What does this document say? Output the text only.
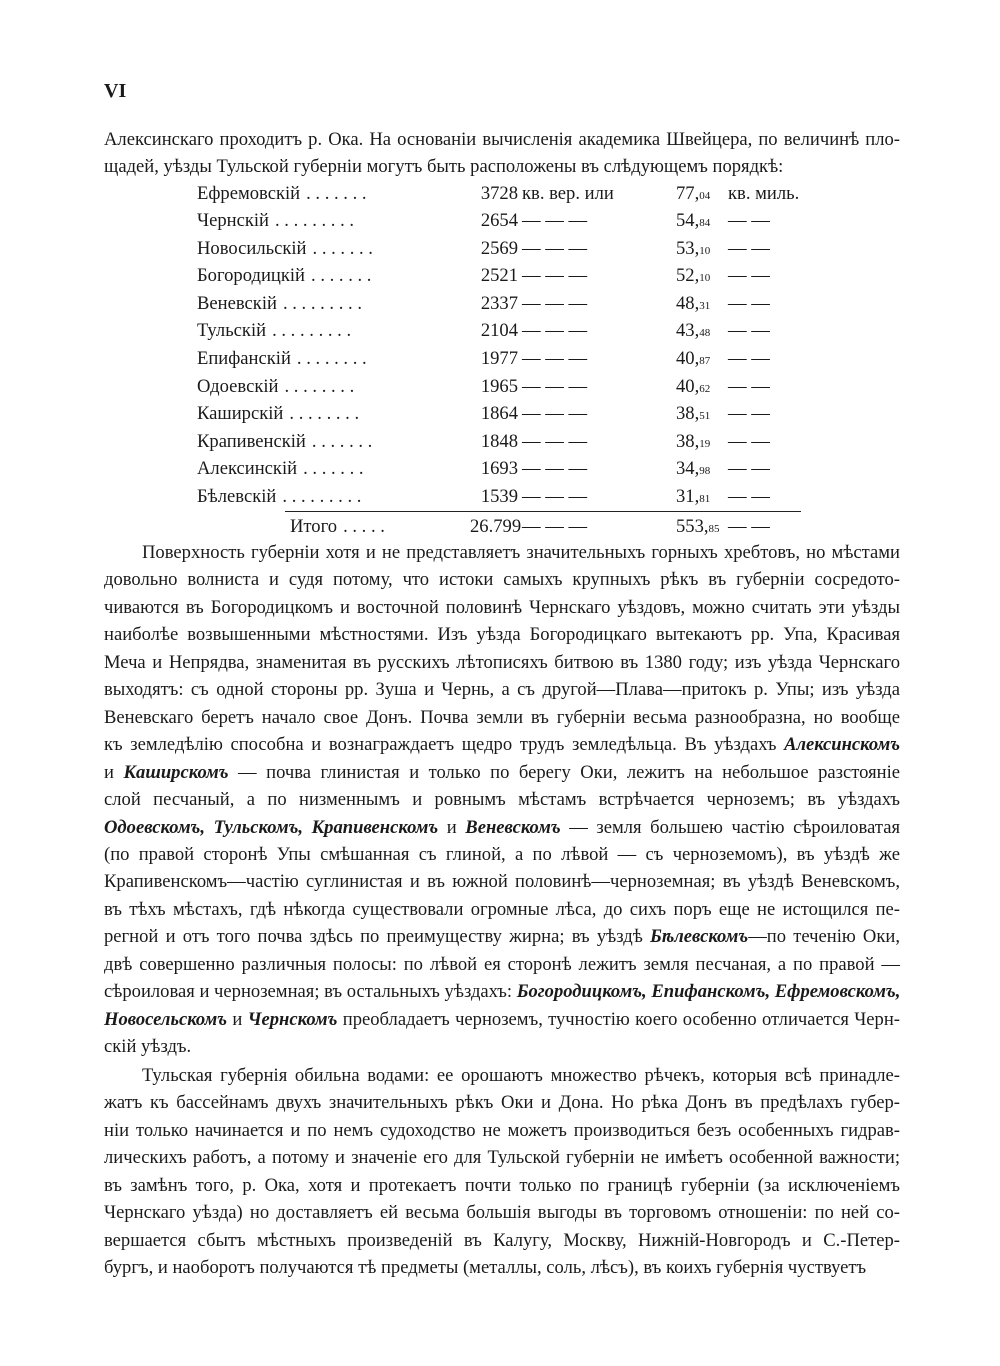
VI
Алексинскаго проходитъ р. Ока. На основаніи вычисленія академика Швейцера, по величинѣ пло-
щадей, уѣзды Тульской губерніи могутъ быть расположены въ слѣдующемъ порядкѣ:
Ефремовскій . . . . . . .	3728 кв. вер. или	77,04 кв. миль.
Чернскій . . . . . . . . .	2654 — — —	54,84 — —
Новосильскій . . . . . . .	2569 — — —	53,10 — —
Богородицкій . . . . . . .	2521 — — —	52,10 — —
Веневскій . . . . . . . . .	2337 — — —	48,31 — —
Тульскій . . . . . . . . .	2104 — — —	43,48 — —
Епифанскій . . . . . . . .	1977 — — —	40,87 — —
Одоевскій . . . . . . . .	1965 — — —	40,62 — —
Каширскій . . . . . . . .	1864 — — —	38,51 — —
Крапивенскій . . . . . . .	1848 — — —	38,19 — —
Алексинскій . . . . . . .	1693 — — —	34,98 — —
Бѣлевскій . . . . . . . . .	1539 — — —	31,81 — —
Итого . . . . .	26.799 — — —	553,85 — —
Поверхность губерніи хотя и не представляетъ значительныхъ горныхъ хребтовъ, но мѣстами
довольно волниста и судя потому, что истоки самыхъ крупныхъ рѣкъ въ губерніи сосредото-
чиваются въ Богородицкомъ и восточной половинѣ Чернскаго уѣздовъ, можно считать эти уѣзды
наиболѣе возвышенными мѣстностями. Изъ уѣзда Богородицкаго вытекаютъ рр. Упа, Красивая
Меча и Непрядва, знаменитая въ русскихъ лѣтописяхъ битвою въ 1380 году; изъ уѣзда Чернскаго
выходятъ: съ одной стороны рр. Зуша и Чернь, а съ другой—Плава—притокъ р. Упы; изъ уѣзда
Веневскаго беретъ начало свое Донъ. Почва земли въ губерніи весьма разнообразна, но вообще
къ земледѣлію способна и вознаграждаетъ щедро трудъ земледѣльца. Въ уѣздахъ Алексинскомъ
и Каширскомъ — почва глинистая и только по берегу Оки, лежитъ на небольшое разстояніе
слой песчаный, а по низменнымъ и ровнымъ мѣстамъ встрѣчается черноземъ; въ уѣздахъ
Одоевскомъ, Тульскомъ, Крапивенскомъ и Веневскомъ — земля большею частію сѣроиловатая
(по правой сторонѣ Упы смѣшанная съ глиной, а по лѣвой — съ черноземомъ), въ уѣздѣ же
Крапивенскомъ—частію суглинистая и въ южной половинѣ—черноземная; въ уѣздѣ Веневскомъ,
въ тѣхъ мѣстахъ, гдѣ нѣкогда существовали огромные лѣса, до сихъ поръ еще не истощился пе-
регной и отъ того почва здѣсь по преимуществу жирна; въ уѣздѣ Бѣлевскомъ—по теченію Оки,
двѣ совершенно различныя полосы: по лѣвой ея сторонѣ лежитъ земля песчаная, а по правой —
сѣроиловая и черноземная; въ остальныхъ уѣздахъ: Богородицкомъ, Епифанскомъ, Ефремовскомъ,
Новосельскомъ и Чернскомъ преобладаетъ черноземъ, тучностію коего особенно отличается Черн-
скій уѣздъ.
Тульская губернія обильна водами: ее орошаютъ множество рѣчекъ, которыя всѣ принадле-
жатъ къ бассейнамъ двухъ значительныхъ рѣкъ Оки и Дона. Но рѣка Донъ въ предѣлахъ губер-
ніи только начинается и по немъ судоходство не можетъ производиться безъ особенныхъ гидрав-
лическихъ работъ, а потому и значеніе его для Тульской губерніи не имѣетъ особенной важности;
въ замѣнъ того, р. Ока, хотя и протекаетъ почти только по границѣ губерніи (за исключеніемъ
Чернскаго уѣзда) но доставляетъ ей весьма большія выгоды въ торговомъ отношеніи: по ней со-
вершается сбытъ мѣстныхъ произведеній въ Калугу, Москву, Нижній-Новгородъ и С.-Петер-
бургъ, и наоборотъ получаются тѣ предметы (металлы, соль, лѣсъ), въ коихъ губернія чуствуетъ
